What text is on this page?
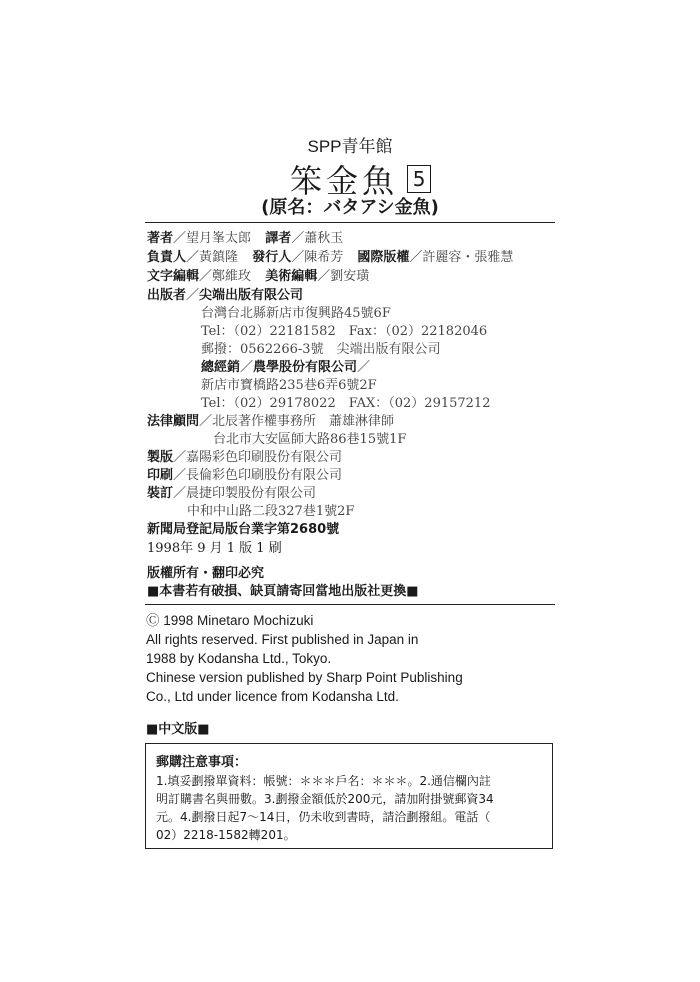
SPP青年館
笨金魚 5
(原名：バタアシ金魚)
著者／望月峯太郎 譯者／蕭秋玉
負責人／黃鎮隆 發行人／陳希芳 國際版權／許麗容・張雅慧
文字編輯／鄭維玫 美術編輯／劉安璜
出版者／尖端出版有限公司
台灣台北縣新店市復興路45號6F
Tel：（02）22181582　Fax：（02）22182046
郵撥：0562266-3號　尖端出版有限公司
總經銷／農學股份有限公司／
新店市寶橋路235巷6弄6號2F
Tel：（02）29178022　FAX：（02）29157212
法律顧問／北辰著作權事務所　蕭雄淋律師
台北市大安區師大路86巷15號1F
製版／嘉陽彩色印刷股份有限公司
印刷／長倫彩色印刷股份有限公司
裝訂／晨捷印製股份有限公司
中和中山路二段327巷1號2F
新聞局登記局版台業字第2680號
1998年 9 月 1 版 1 刷
版權所有・翻印必究
■本書若有破損、缺頁請寄回當地出版社更換■
Ⓒ 1998 Minetaro Mochizuki
All rights reserved. First published in Japan in
1988 by Kodansha Ltd., Tokyo.
Chinese version published by Sharp Point Publishing
Co., Ltd under licence from Kodansha Ltd.
■中文版■
郵購注意事項：
1.填妥劃撥單資料：帳號：＊＊＊戶名：＊＊＊。2.通信欄內註
明訂購書名與冊數。3.劃撥金額低於200元，請加附掛號郵資34
元。4.劃撥日起7～14日，仍未收到書時，請洽劃撥組。電話（
02）2218-1582轉201。
